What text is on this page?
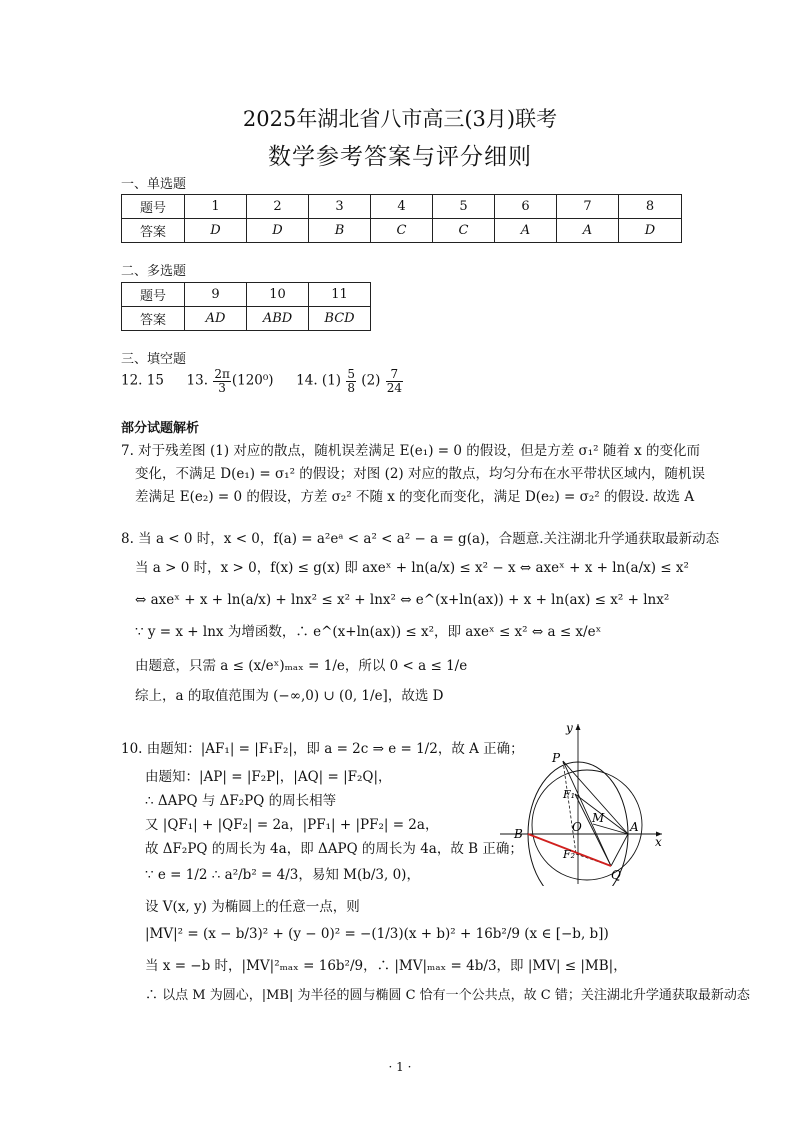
2025年湖北省八市高三(3月)联考
数学参考答案与评分细则
一、单选题
题号	1	2	3	4	5	6	7	8
答案	D	D	B	C	C	A	A	D
二、多选题
题号	9	10	11
答案	AD	ABD	BCD
三、填空题
12. 15 13. $\frac{2\pi}{3} (120^0)$ 14. $(1) \frac{5}{8} (2) \frac{7}{24}$
部分试题解析
7. 对于残差图 (1) 对应的散点，随机误差满足 E(e₁) = 0 的假设，但是方差 σ₁² 随着 x 的变化而
变化，不满足 D(e₁) = σ₁² 的假设；对图 (2) 对应的散点，均匀分布在水平带状区域内，随机误
差满足 E(e₂) = 0 的假设，方差 σ₂² 不随 x 的变化而变化，满足 D(e₂) = σ₂² 的假设. 故选 A
8. 当 a < 0 时，x < 0，f(a) = a²eᵃ < a² < a² − a = g(a)，合题意.关注湖北升学通获取最新动态
当 a > 0 时，x > 0，f(x) ≤ g(x) 即 axeˣ + ln(a/x) ≤ x² − x ⇔ axeˣ + x + ln(a/x) ≤ x²
⇔ axeˣ + x + ln(a/x) + lnx² ≤ x² + lnx² ⇔ e^(x+ln(ax)) + x + ln(ax) ≤ x² + lnx²
∵ y = x + lnx 为增函数，∴ e^(x+ln(ax)) ≤ x²，即 axeˣ ≤ x² ⇔ a ≤ x/eˣ
由题意，只需 a ≤ (x/eˣ)ₘₐₓ = 1/e，所以 0 < a ≤ 1/e
综上，a 的取值范围为 (−∞,0) ∪ (0, 1/e]，故选 D
10. 由题知：|AF₁| = |F₁F₂|，即 a = 2c ⇒ e = 1/2，故 A 正确；
由题知：|AP| = |F₂P|，|AQ| = |F₂Q|，
∴ ΔAPQ 与 ΔF₂PQ 的周长相等
又 |QF₁| + |QF₂| = 2a，|PF₁| + |PF₂| = 2a，
故 ΔF₂PQ 的周长为 4a，即 ΔAPQ 的周长为 4a，故 B 正确；
∵ e = 1/2 ∴ a²/b² = 4/3，易知 M(b/3, 0)，
设 V(x, y) 为椭圆上的任意一点，则
|MV|² = (x − b/3)² + (y − 0)² = −(1/3)(x + b)² + 16b²/9 (x ∈ [−b, b])
当 x = −b 时，|MV|²ₘₐₓ = 16b²/9，∴ |MV|ₘₐₓ = 4b/3，即 |MV| ≤ |MB|，
∴ 以点 M 为圆心，|MB| 为半径的圆与椭圆 C 恰有一个公共点，故 C 错；关注湖北升学通获取最新动态
y
x
P
F₁
M
O	A
B
F₂
Q
· 1 ·
